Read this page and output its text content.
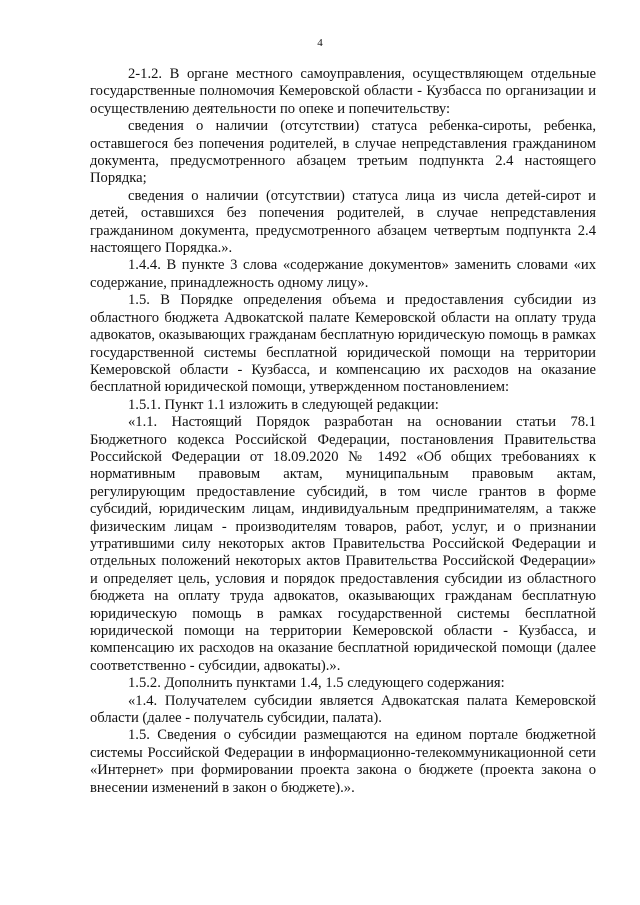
4

2-1.2. В органе местного самоуправления, осуществляющем отдельные государственные полномочия Кемеровской области - Кузбасса по организации и осуществлению деятельности по опеке и попечительству:

сведения о наличии (отсутствии) статуса ребенка-сироты, ребенка, оставшегося без попечения родителей, в случае непредставления гражданином документа, предусмотренного абзацем третьим подпункта 2.4 настоящего Порядка;

сведения о наличии (отсутствии) статуса лица из числа детей-сирот и детей, оставшихся без попечения родителей, в случае непредставления гражданином документа, предусмотренного абзацем четвертым подпункта 2.4 настоящего Порядка.».

1.4.4. В пункте 3 слова «содержание документов» заменить словами «их содержание, принадлежность одному лицу».

1.5. В Порядке определения объема и предоставления субсидии из областного бюджета Адвокатской палате Кемеровской области на оплату труда адвокатов, оказывающих гражданам бесплатную юридическую помощь в рамках государственной системы бесплатной юридической помощи на территории Кемеровской области - Кузбасса, и компенсацию их расходов на оказание бесплатной юридической помощи, утвержденном постановлением:

1.5.1. Пункт 1.1 изложить в следующей редакции:

«1.1. Настоящий Порядок разработан на основании статьи 78.1 Бюджетного кодекса Российской Федерации, постановления Правительства Российской Федерации от 18.09.2020 № 1492 «Об общих требованиях к нормативным правовым актам, муниципальным правовым актам, регулирующим предоставление субсидий, в том числе грантов в форме субсидий, юридическим лицам, индивидуальным предпринимателям, а также физическим лицам - производителям товаров, работ, услуг, и о признании утратившими силу некоторых актов Правительства Российской Федерации и отдельных положений некоторых актов Правительства Российской Федерации» и определяет цель, условия и порядок предоставления субсидии из областного бюджета на оплату труда адвокатов, оказывающих гражданам бесплатную юридическую помощь в рамках государственной системы бесплатной юридической помощи на территории Кемеровской области - Кузбасса, и компенсацию их расходов на оказание бесплатной юридической помощи (далее соответственно - субсидии, адвокаты).».

1.5.2. Дополнить пунктами 1.4, 1.5 следующего содержания:

«1.4. Получателем субсидии является Адвокатская палата Кемеровской области (далее - получатель субсидии, палата).

1.5. Сведения о субсидии размещаются на едином портале бюджетной системы Российской Федерации в информационно-телекоммуникационной сети «Интернет» при формировании проекта закона о бюджете (проекта закона о внесении изменений в закон о бюджете).».
